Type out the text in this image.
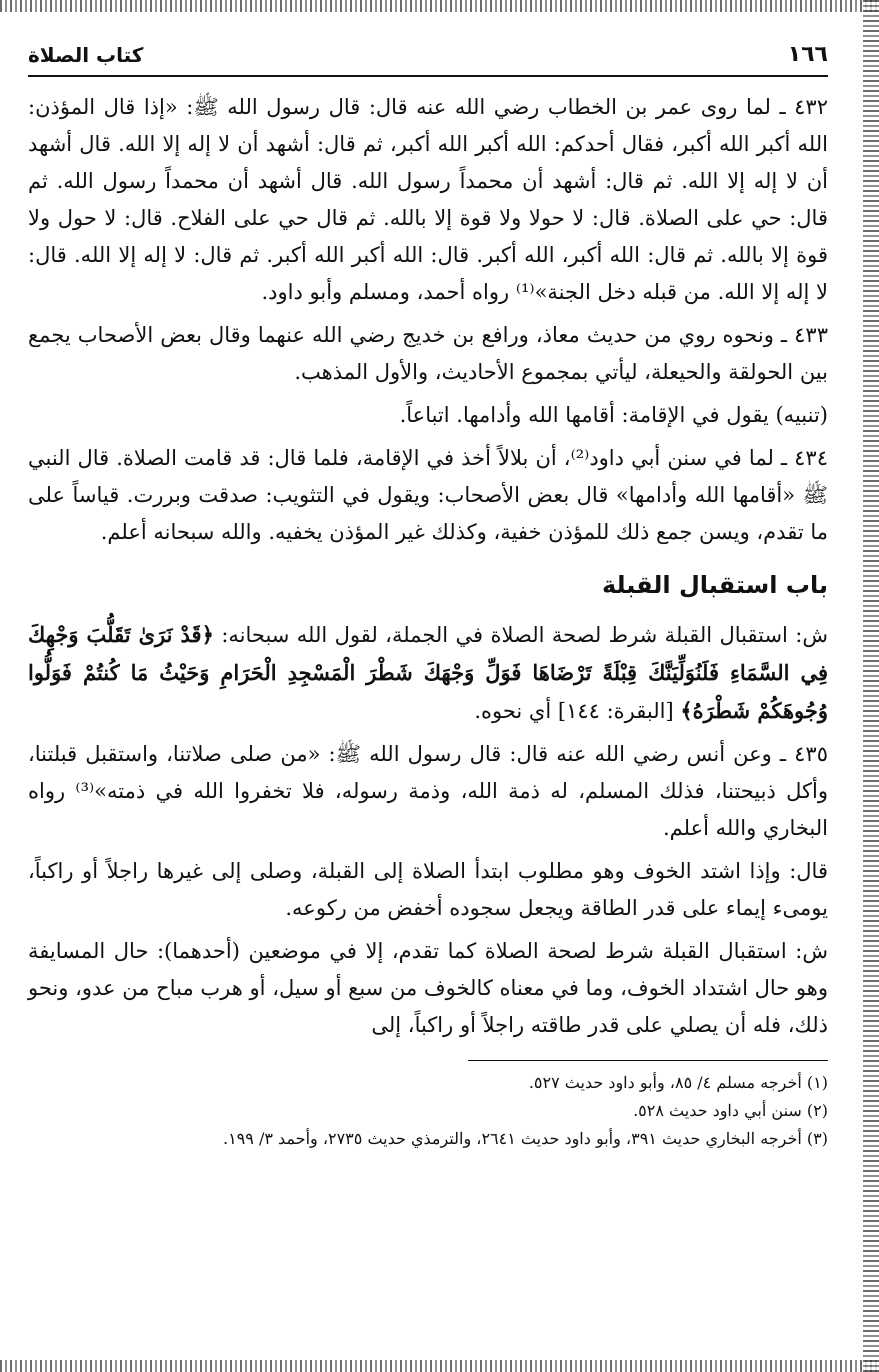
١٦٦
كتاب الصلاة

٤٣٢ ـ لما روى عمر بن الخطاب رضي الله عنه قال: قال رسول الله ﷺ: «إذا قال المؤذن: الله أكبر الله أكبر، فقال أحدكم: الله أكبر الله أكبر، ثم قال: أشهد أن لا إله إلا الله. قال أشهد أن لا إله إلا الله. ثم قال: أشهد أن محمداً رسول الله. قال أشهد أن محمداً رسول الله. ثم قال: حي على الصلاة. قال: لا حولا ولا قوة إلا بالله. ثم قال حي على الفلاح. قال: لا حول ولا قوة إلا بالله. ثم قال: الله أكبر، الله أكبر. قال: الله أكبر الله أكبر. ثم قال: لا إله إلا الله. قال: لا إله إلا الله. من قبله دخل الجنة»⁽¹⁾ رواه أحمد، ومسلم وأبو داود.

٤٣٣ ـ ونحوه روي من حديث معاذ، ورافع بن خديج رضي الله عنهما وقال بعض الأصحاب يجمع بين الحولقة والحيعلة، ليأتي بمجموع الأحاديث، والأول المذهب.

(تنبيه) يقول في الإقامة: أقامها الله وأدامها. اتباعاً.

٤٣٤ ـ لما في سنن أبي داود⁽²⁾، أن بلالاً أخذ في الإقامة، فلما قال: قد قامت الصلاة. قال النبي ﷺ «أقامها الله وأدامها» قال بعض الأصحاب: ويقول في التثويب: صدقت وبررت. قياساً على ما تقدم، ويسن جمع ذلك للمؤذن خفية، وكذلك غير المؤذن يخفيه. والله سبحانه أعلم.

باب استقبال القبلة

ش: استقبال القبلة شرط لصحة الصلاة في الجملة، لقول الله سبحانه: ﴿قَدْ نَرَىٰ تَقَلُّبَ وَجْهِكَ فِي السَّمَاءِ فَلَنُوَلِّيَنَّكَ قِبْلَةً تَرْضَاهَا فَوَلِّ وَجْهَكَ شَطْرَ الْمَسْجِدِ الْحَرَامِ وَحَيْثُ مَا كُنتُمْ فَوَلُّوا وُجُوهَكُمْ شَطْرَهُ﴾ [البقرة: ١٤٤] أي نحوه.

٤٣٥ ـ وعن أنس رضي الله عنه قال: قال رسول الله ﷺ: «من صلى صلاتنا، واستقبل قبلتنا، وأكل ذبيحتنا، فذلك المسلم، له ذمة الله، وذمة رسوله، فلا تخفروا الله في ذمته»⁽³⁾ رواه البخاري والله أعلم.

قال: وإذا اشتد الخوف وهو مطلوب ابتدأ الصلاة إلى القبلة، وصلى إلى غيرها راجلاً أو راكباً، يومىء إيماء على قدر الطاقة ويجعل سجوده أخفض من ركوعه.

ش: استقبال القبلة شرط لصحة الصلاة كما تقدم، إلا في موضعين (أحدهما): حال المسايفة وهو حال اشتداد الخوف، وما في معناه كالخوف من سبع أو سيل، أو هرب مباح من عدو، ونحو ذلك، فله أن يصلي على قدر طاقته راجلاً أو راكباً، إلى

(١) أخرجه مسلم ٤/ ٨٥، وأبو داود حديث ٥٢٧.

(٢) سنن أبي داود حديث ٥٢٨.

(٣) أخرجه البخاري حديث ٣٩١، وأبو داود حديث ٢٦٤١، والترمذي حديث ٢٧٣٥، وأحمد ٣/ ١٩٩.
